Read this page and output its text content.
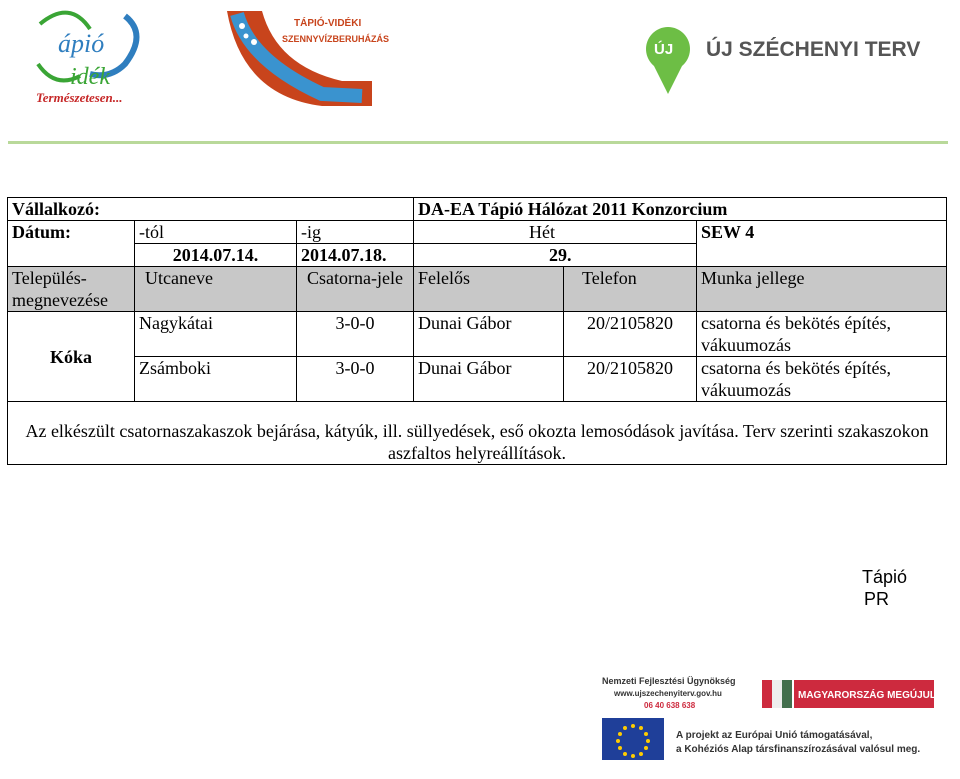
ápió
idék
Természetesen...
TÁPIÓ-VIDÉKI
SZENNYVÍZBERUHÁZÁS
ÚJ ÚJ SZÉCHENYI TERV
Vállalkozó:			DA-EA Tápió Hálózat 2011 Konzorcium		
Dátum:	-tól	-ig	Hét		SEW 4
	2014.07.14.	2014.07.18.	29.		
Település-megnevezése	Utcaneve	Csatorna-jele	Felelős	Telefon	Munka jellege
Kóka	Nagykátai	3-0-0	Dunai Gábor	20/2105820	csatorna és bekötés építés, vákuumozás
	Zsámboki	3-0-0	Dunai Gábor	20/2105820	csatorna és bekötés építés, vákuumozás
Az elkészült csatornaszakaszok bejárása, kátyúk, ill. süllyedések, eső okozta lemosódások javítása. Terv szerinti szakaszokon aszfaltos helyreállítások.					
Tápió
PR
Nemzeti Fejlesztési Ügynökség
www.ujszechenyiterv.gov.hu
06 40 638 638
MAGYARORSZÁG MEGÚJUL
A projekt az Európai Unió támogatásával,
a Kohéziós Alap társfinanszírozásával valósul meg.
